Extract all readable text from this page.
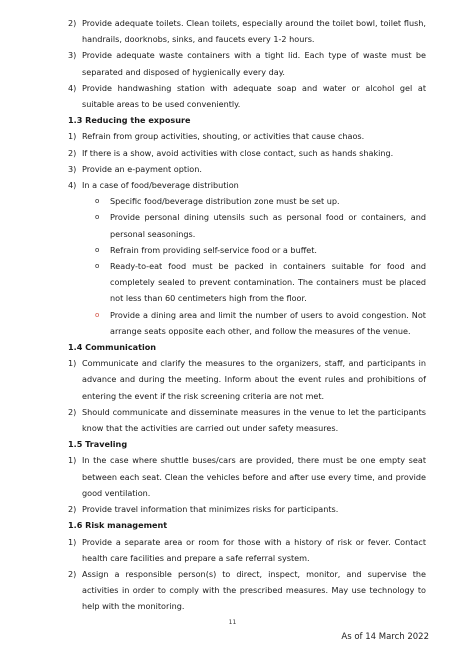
2) Provide adequate toilets. Clean toilets, especially around the toilet bowl, toilet flush, handrails, doorknobs, sinks, and faucets every 1-2 hours.

3) Provide adequate waste containers with a tight lid. Each type of waste must be separated and disposed of hygienically every day.

4) Provide handwashing station with adequate soap and water or alcohol gel at suitable areas to be used conveniently.

1.3 Reducing the exposure

1) Refrain from group activities, shouting, or activities that cause chaos.

2) If there is a show, avoid activities with close contact, such as hands shaking.

3) Provide an e-payment option.

4) In a case of food/beverage distribution

o Specific food/beverage distribution zone must be set up.

o Provide personal dining utensils such as personal food or containers, and personal seasonings.

o Refrain from providing self-service food or a buffet.

o Ready-to-eat food must be packed in containers suitable for food and completely sealed to prevent contamination. The containers must be placed not less than 60 centimeters high from the floor.

o Provide a dining area and limit the number of users to avoid congestion. Not arrange seats opposite each other, and follow the measures of the venue.

1.4 Communication

1) Communicate and clarify the measures to the organizers, staff, and participants in advance and during the meeting. Inform about the event rules and prohibitions of entering the event if the risk screening criteria are not met.

2) Should communicate and disseminate measures in the venue to let the participants know that the activities are carried out under safety measures.

1.5 Traveling

1) In the case where shuttle buses/cars are provided, there must be one empty seat between each seat. Clean the vehicles before and after use every time, and provide good ventilation.

2) Provide travel information that minimizes risks for participants.

1.6 Risk management

1) Provide a separate area or room for those with a history of risk or fever. Contact health care facilities and prepare a safe referral system.

2) Assign a responsible person(s) to direct, inspect, monitor, and supervise the activities in order to comply with the prescribed measures. May use technology to help with the monitoring.

11
As of 14 March 2022
